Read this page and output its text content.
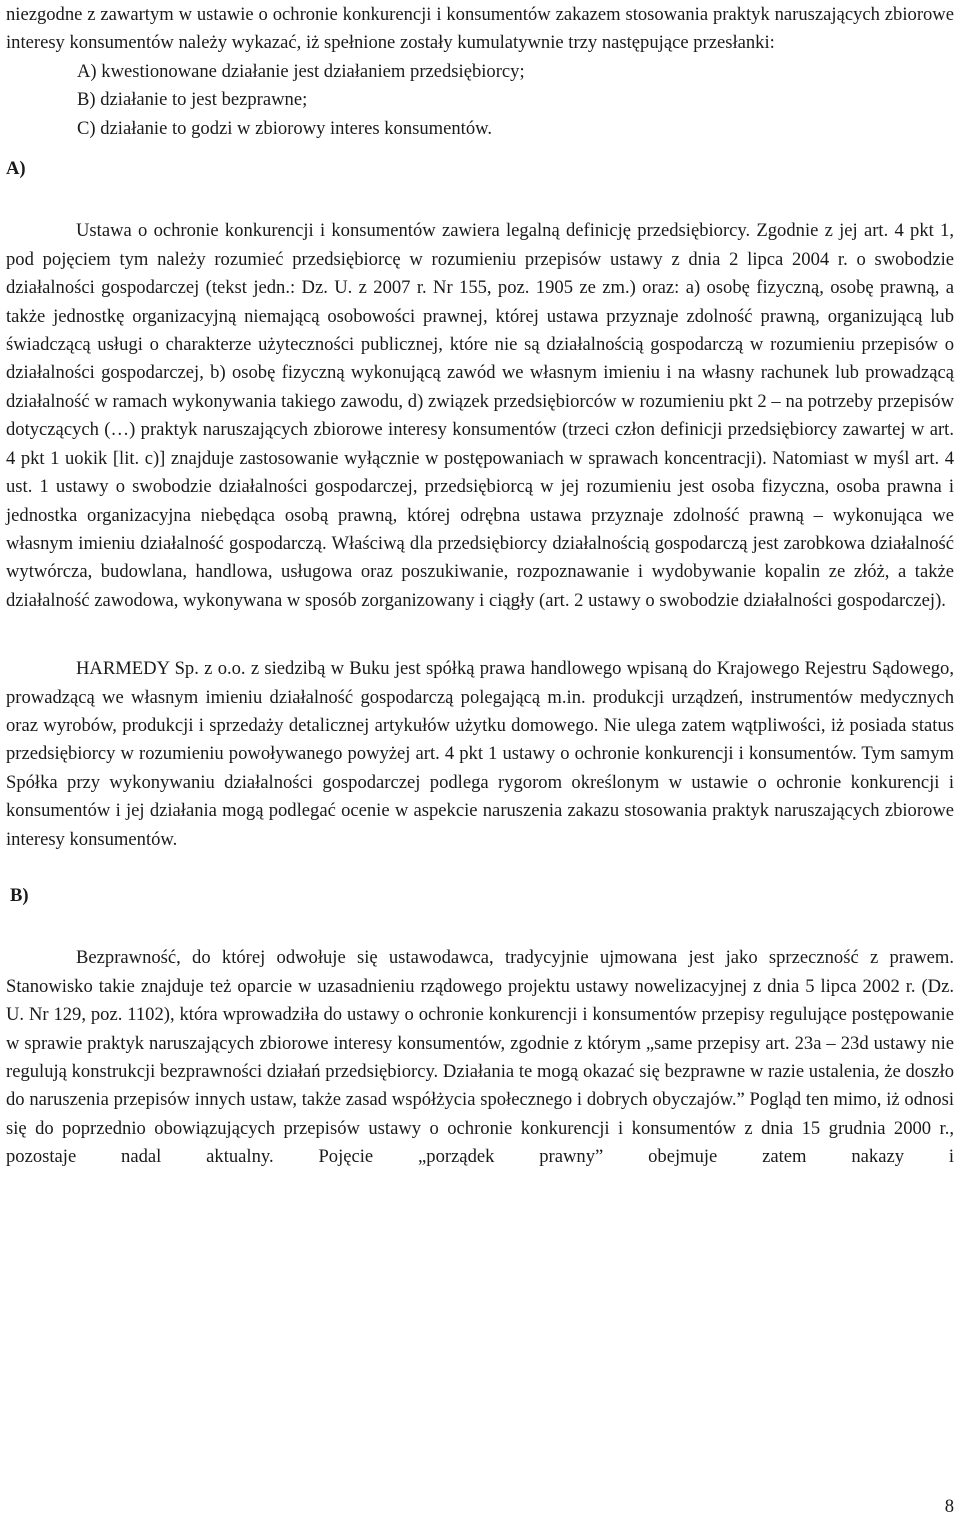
niezgodne z zawartym w ustawie o ochronie konkurencji i konsumentów zakazem stosowania praktyk naruszających zbiorowe interesy konsumentów należy wykazać, iż spełnione zostały kumulatywnie trzy następujące przesłanki:

A) kwestionowane działanie jest działaniem przedsiębiorcy;
B) działanie to jest bezprawne;
C) działanie to godzi w zbiorowy interes konsumentów.

A)

Ustawa o ochronie konkurencji i konsumentów zawiera legalną definicję przedsiębiorcy. Zgodnie z jej art. 4 pkt 1, pod pojęciem tym należy rozumieć przedsiębiorcę w rozumieniu przepisów ustawy z dnia 2 lipca 2004 r. o swobodzie działalności gospodarczej (tekst jedn.: Dz. U. z 2007 r. Nr 155, poz. 1905 ze zm.) oraz: a) osobę fizyczną, osobę prawną, a także jednostkę organizacyjną niemającą osobowości prawnej, której ustawa przyznaje zdolność prawną, organizującą lub świadczącą usługi o charakterze użyteczności publicznej, które nie są działalnością gospodarczą w rozumieniu przepisów o działalności gospodarczej, b) osobę fizyczną wykonującą zawód we własnym imieniu i na własny rachunek lub prowadzącą działalność w ramach wykonywania takiego zawodu, d) związek przedsiębiorców w rozumieniu pkt 2 – na potrzeby przepisów dotyczących (…) praktyk naruszających zbiorowe interesy konsumentów (trzeci człon definicji przedsiębiorcy zawartej w art. 4 pkt 1 uokik [lit. c)] znajduje zastosowanie wyłącznie w postępowaniach w sprawach koncentracji). Natomiast w myśl art. 4 ust. 1 ustawy o swobodzie działalności gospodarczej, przedsiębiorcą w jej rozumieniu jest osoba fizyczna, osoba prawna i jednostka organizacyjna niebędąca osobą prawną, której odrębna ustawa przyznaje zdolność prawną – wykonująca we własnym imieniu działalność gospodarczą. Właściwą dla przedsiębiorcy działalnością gospodarczą jest zarobkowa działalność wytwórcza, budowlana, handlowa, usługowa oraz poszukiwanie, rozpoznawanie i wydobywanie kopalin ze złóż, a także działalność zawodowa, wykonywana w sposób zorganizowany i ciągły (art. 2 ustawy o swobodzie działalności gospodarczej).

HARMEDY Sp. z o.o. z siedzibą w Buku jest spółką prawa handlowego wpisaną do Krajowego Rejestru Sądowego, prowadzącą we własnym imieniu działalność gospodarczą polegającą m.in. produkcji urządzeń, instrumentów medycznych oraz wyrobów, produkcji i sprzedaży detalicznej artykułów użytku domowego. Nie ulega zatem wątpliwości, iż posiada status przedsiębiorcy w rozumieniu powoływanego powyżej art. 4 pkt 1 ustawy o ochronie konkurencji i konsumentów. Tym samym Spółka przy wykonywaniu działalności gospodarczej podlega rygorom określonym w ustawie o ochronie konkurencji i konsumentów i jej działania mogą podlegać ocenie w aspekcie naruszenia zakazu stosowania praktyk naruszających zbiorowe interesy konsumentów.

B)

Bezprawność, do której odwołuje się ustawodawca, tradycyjnie ujmowana jest jako sprzeczność z prawem. Stanowisko takie znajduje też oparcie w uzasadnieniu rządowego projektu ustawy nowelizacyjnej z dnia 5 lipca 2002 r. (Dz. U. Nr 129, poz. 1102), która wprowadziła do ustawy o ochronie konkurencji i konsumentów przepisy regulujące postępowanie w sprawie praktyk naruszających zbiorowe interesy konsumentów, zgodnie z którym „same przepisy art. 23a – 23d ustawy nie regulują konstrukcji bezprawności działań przedsiębiorcy. Działania te mogą okazać się bezprawne w razie ustalenia, że doszło do naruszenia przepisów innych ustaw, także zasad współżycia społecznego i dobrych obyczajów.” Pogląd ten mimo, iż odnosi się do poprzednio obowiązujących przepisów ustawy o ochronie konkurencji i konsumentów z dnia 15 grudnia 2000 r., pozostaje nadal aktualny. Pojęcie „porządek prawny” obejmuje zatem nakazy i

8
